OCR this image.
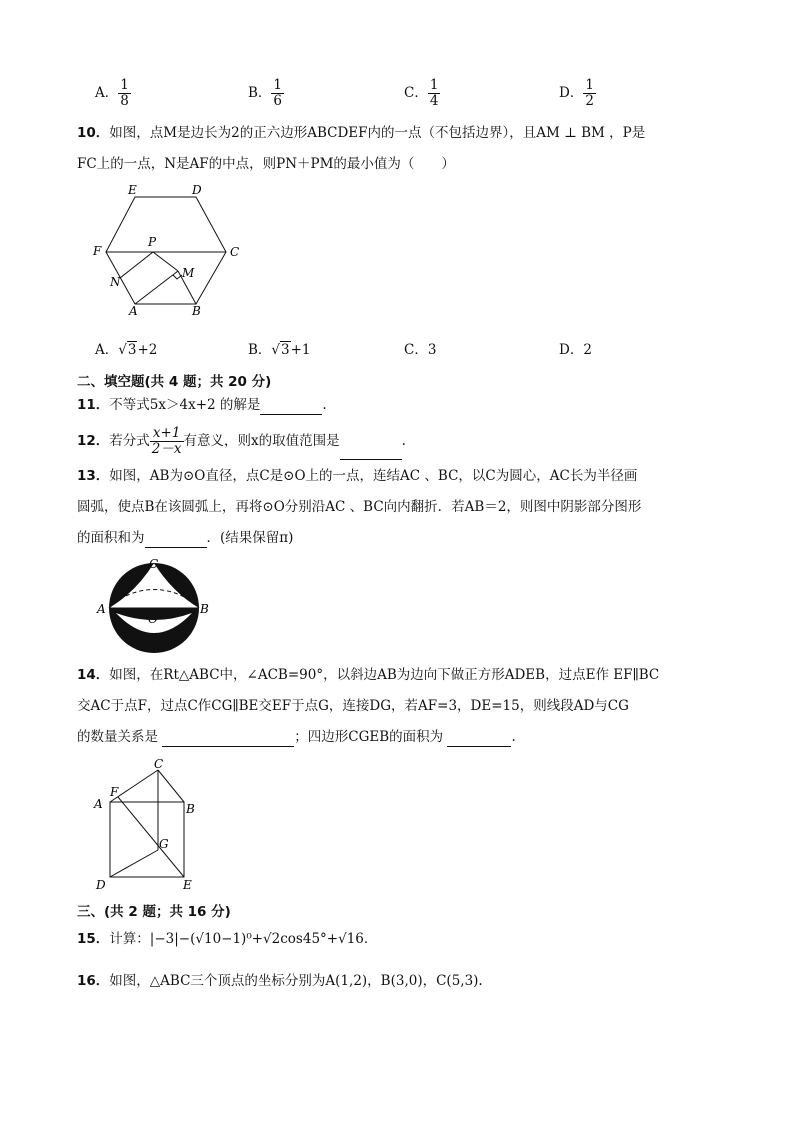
A． $\frac{1}{8}$	B． $\frac{1}{6}$	C． $\frac{1}{4}$	D． $\frac{1}{2}$
10．如图，点M是边长为2的正六边形ABCDEF内的一点（不包括边界），且AM ⊥ BM ，P是
FC上的一点，N是AF的中点，则PN＋PM的最小值为（　　）
E	D
F	C
P
M
N
A	B
A．√3+2	B．√3+1	C．3	D．2
二、填空题(共 4 题；共 20 分)
11．不等式5x＞4x+2 的解是	.
12．若分式 $\frac{x+1}{2-x}$ 有意义，则x的取值范围是	.
13．如图，AB为⊙O直径，点C是⊙O上的一点，连结AC 、BC，以C为圆心，AC长为半径画
圆弧，使点B在该圆弧上，再将⊙O分别沿AC 、BC向内翻折．若AB＝2，则图中阴影部分图形
的面积和为	．(结果保留π)
C
A	B
O
14．如图，在Rt△ABC中，∠ACB=90°，以斜边AB为边向下做正方形ADEB，过点E作 EF∥BC
交AC于点F，过点C作CG∥BE交EF于点G，连接DG，若AF=3，DE=15，则线段AD与CG
的数量关系是	；四边形CGEB的面积为	.
C
F
A	B
G
D	E
三、(共 2 题；共 16 分)
15．计算：|−3|−(√10−1)⁰+√2cos45°+√16．
16．如图，△ABC三个顶点的坐标分别为A(1,2)，B(3,0)，C(5,3).
